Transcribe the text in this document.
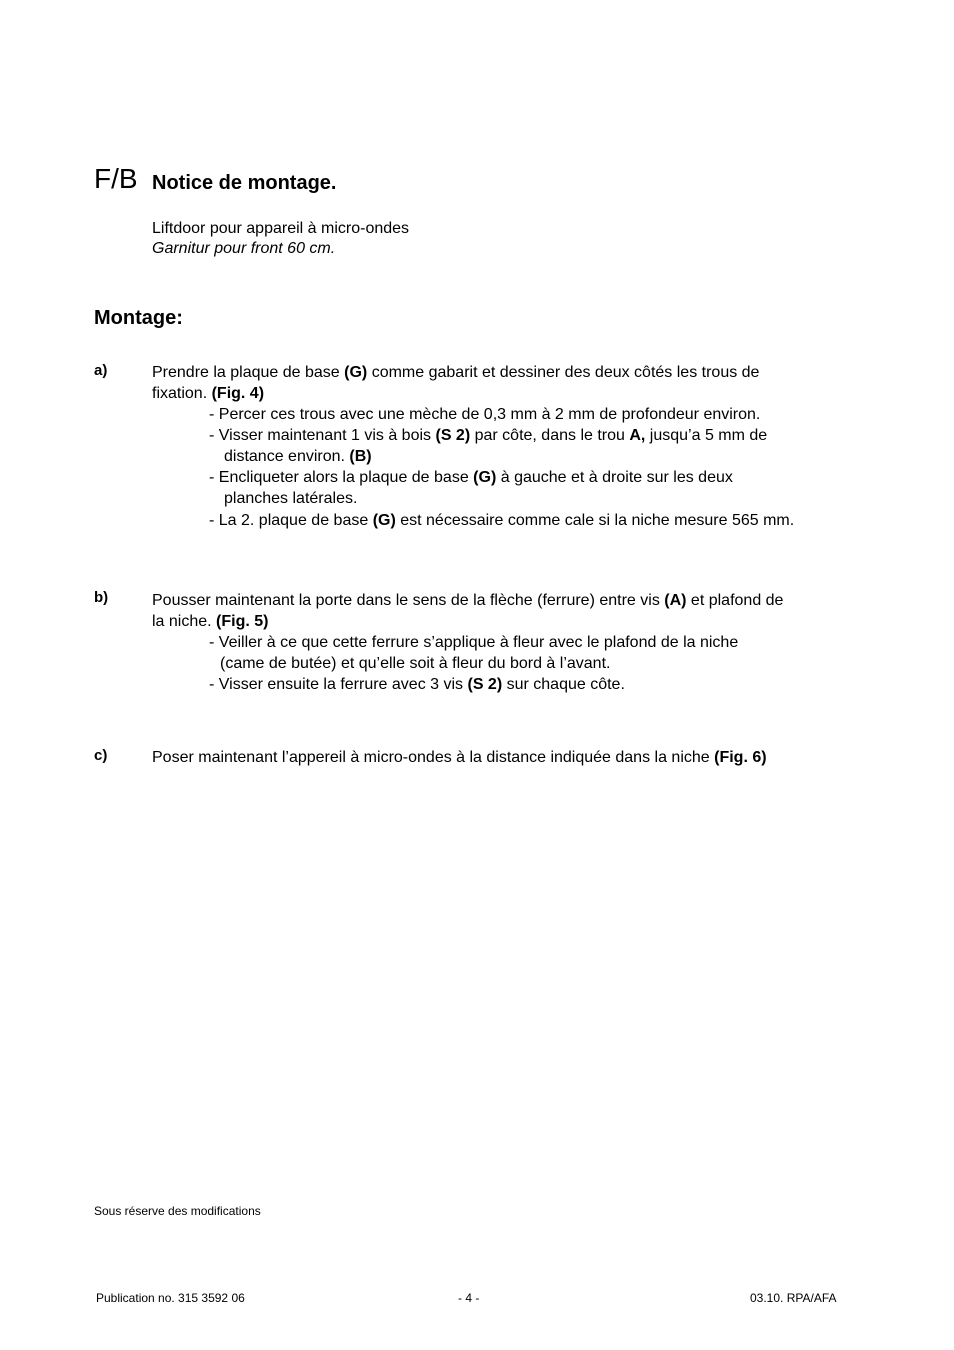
F/B Notice de montage.
Liftdoor pour appareil à micro-ondes
Garnitur pour front 60 cm.
Montage:
a)	Prendre la plaque de base (G) comme gabarit et dessiner des deux côtés les trous de
fixation. (Fig. 4)
- Percer ces trous avec une mèche de 0,3 mm à 2 mm de profondeur environ.
- Visser maintenant 1 vis à bois (S 2) par côte, dans le trou A, jusqu’a 5 mm de
distance environ. (B)
- Encliqueter alors la plaque de base (G) à gauche et à droite sur les deux
planches latérales.
- La 2. plaque de base (G) est nécessaire comme cale si la niche mesure 565 mm.
b)	Pousser maintenant la porte dans le sens de la flèche (ferrure) entre vis (A) et plafond de
la niche. (Fig. 5)
- Veiller à ce que cette ferrure s’applique à fleur avec le plafond de la niche
(came de butée) et qu’elle soit à fleur du bord à l’avant.
- Visser ensuite la ferrure avec 3 vis (S 2) sur chaque côte.
c)	Poser maintenant l’appereil à micro-ondes à la distance indiquée dans la niche (Fig. 6)
Sous réserve des modifications
Publication no. 315 3592 06	- 4 -	03.10. RPA/AFA
